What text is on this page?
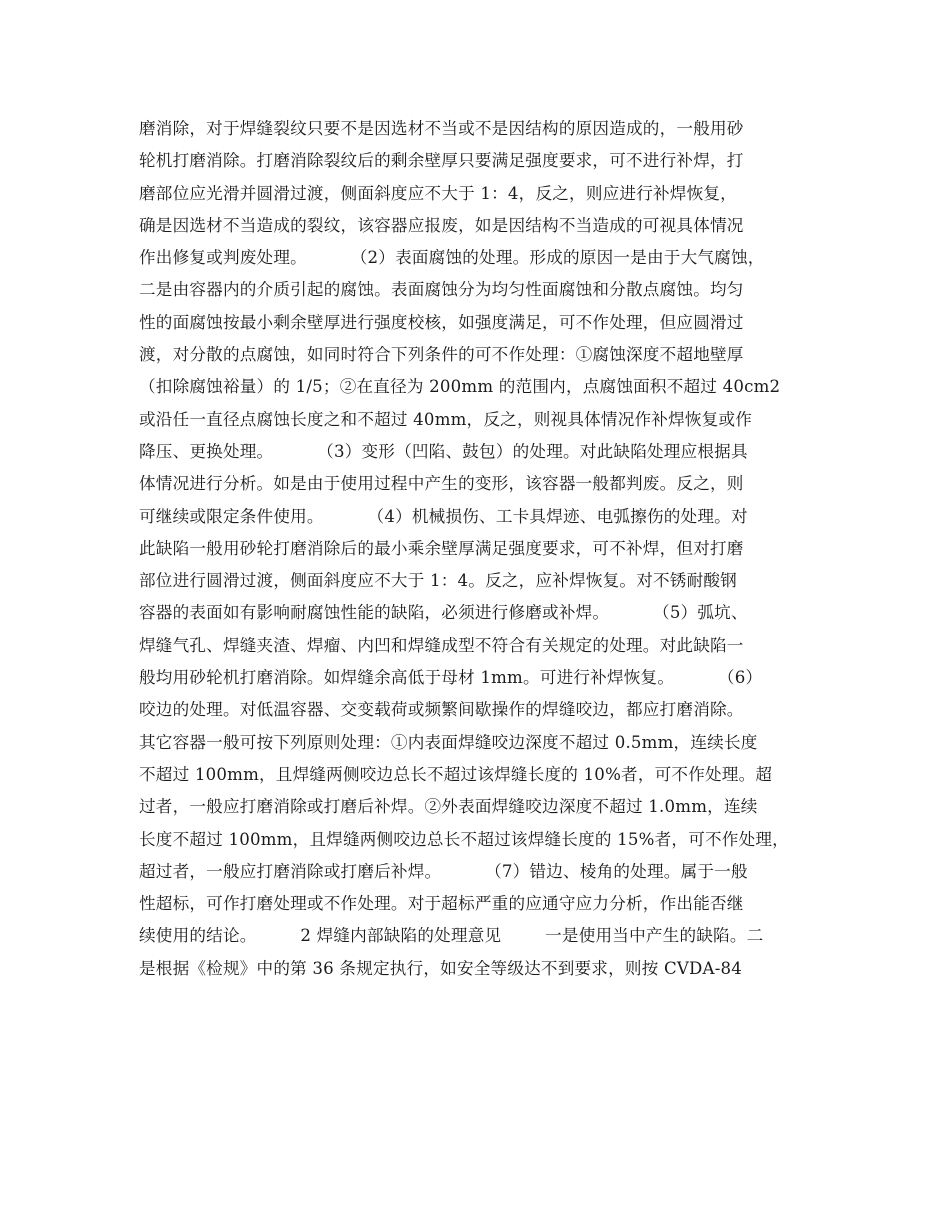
磨消除，对于焊缝裂纹只要不是因选材不当或不是因结构的原因造成的，一般用砂
轮机打磨消除。打磨消除裂纹后的剩余壁厚只要满足强度要求，可不进行补焊，打
磨部位应光滑并圆滑过渡，侧面斜度应不大于 1：4，反之，则应进行补焊恢复，
确是因选材不当造成的裂纹，该容器应报废，如是因结构不当造成的可视具体情况
作出修复或判废处理。        （2）表面腐蚀的处理。形成的原因一是由于大气腐蚀，
二是由容器内的介质引起的腐蚀。表面腐蚀分为均匀性面腐蚀和分散点腐蚀。均匀
性的面腐蚀按最小剩余壁厚进行强度校核，如强度满足，可不作处理，但应圆滑过
渡，对分散的点腐蚀，如同时符合下列条件的可不作处理：①腐蚀深度不超地壁厚
（扣除腐蚀裕量）的 1/5；②在直径为 200mm 的范围内，点腐蚀面积不超过 40cm2
或沿任一直径点腐蚀长度之和不超过 40mm，反之，则视具体情况作补焊恢复或作
降压、更换处理。        （3）变形（凹陷、鼓包）的处理。对此缺陷处理应根据具
体情况进行分析。如是由于使用过程中产生的变形，该容器一般都判废。反之，则
可继续或限定条件使用。        （4）机械损伤、工卡具焊迹、电弧擦伤的处理。对
此缺陷一般用砂轮打磨消除后的最小乘余壁厚满足强度要求，可不补焊，但对打磨
部位进行圆滑过渡，侧面斜度应不大于 1：4。反之，应补焊恢复。对不锈耐酸钢
容器的表面如有影响耐腐蚀性能的缺陷，必须进行修磨或补焊。        （5）弧坑、
焊缝气孔、焊缝夹渣、焊瘤、内凹和焊缝成型不符合有关规定的处理。对此缺陷一
般均用砂轮机打磨消除。如焊缝余高低于母材 1mm。可进行补焊恢复。        （6）
咬边的处理。对低温容器、交变载荷或频繁间歇操作的焊缝咬边，都应打磨消除。
其它容器一般可按下列原则处理：①内表面焊缝咬边深度不超过 0.5mm，连续长度
不超过 100mm，且焊缝两侧咬边总长不超过该焊缝长度的 10%者，可不作处理。超
过者，一般应打磨消除或打磨后补焊。②外表面焊缝咬边深度不超过 1.0mm，连续
长度不超过 100mm，且焊缝两侧咬边总长不超过该焊缝长度的 15%者，可不作处理，
超过者，一般应打磨消除或打磨后补焊。        （7）错边、棱角的处理。属于一般
性超标，可作打磨处理或不作处理。对于超标严重的应通守应力分析，作出能否继
续使用的结论。        2 焊缝内部缺陷的处理意见        一是使用当中产生的缺陷。二
是根据《检规》中的第 36 条规定执行，如安全等级达不到要求，则按 CVDA-84
